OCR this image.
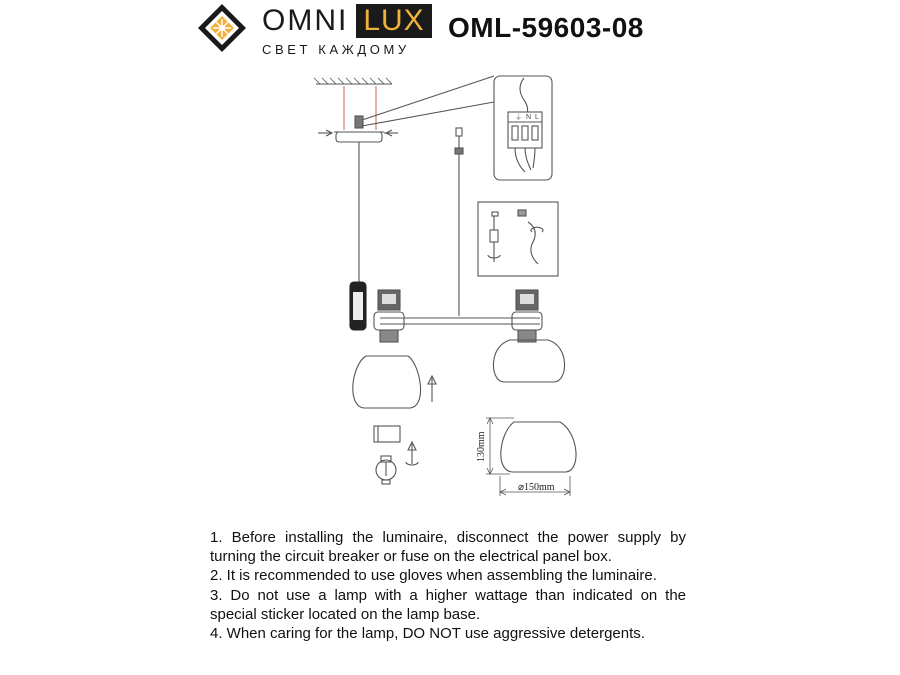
OMNI LUX
СВЕТ КАЖДОМУ
OML-59603-08
⏚ N L
130mm
⌀150mm

1. Before installing the luminaire, disconnect the power supply by turning the circuit breaker or fuse on the electrical panel box.

2. It is recommended to use gloves when assembling the luminaire.

3. Do not use a lamp with a higher wattage than indicated on the special sticker located on the lamp base.

4. When caring for the lamp, DO NOT use aggressive detergents.
